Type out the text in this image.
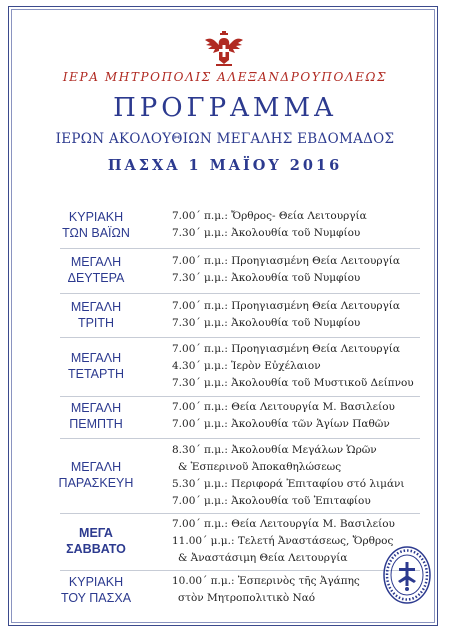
ΙΕΡΑ ΜΗΤΡΟΠΟΛΙΣ ΑΛΕΞΑΝΔΡΟΥΠΟΛΕΩΣ
ΠΡΟΓΡΑΜΜΑ
ΙΕΡΩΝ ΑΚΟΛΟΥΘΙΩΝ ΜΕΓΑΛΗΣ ΕΒΔΟΜΑΔΟΣ
ΠΑΣΧΑ 1 ΜΑΪΟΥ 2016
ΚΥΡΙΑΚΗ
ΤΩΝ ΒΑΪΩΝ
7.00΄ π.μ.: Ὄρθρος- Θεία Λειτουργία
7.30΄ μ.μ.: Ἀκολουθία τοῦ Νυμφίου
ΜΕΓΑΛΗ
ΔΕΥΤΕΡΑ
7.00΄ π.μ.: Προηγιασμένη Θεία Λειτουργία
7.30΄ μ.μ.: Ἀκολουθία τοῦ Νυμφίου
ΜΕΓΑΛΗ
ΤΡΙΤΗ
7.00΄ π.μ.: Προηγιασμένη Θεία Λειτουργία
7.30΄ μ.μ.: Ἀκολουθία τοῦ Νυμφίου
ΜΕΓΑΛΗ
ΤΕΤΑΡΤΗ
7.00΄ π.μ.: Προηγιασμένη Θεία Λειτουργία
4.30΄ μ.μ.: Ἱερὸν Εὐχέλαιον
7.30΄ μ.μ.: Ἀκολουθία τοῦ Μυστικοῦ Δείπνου
ΜΕΓΑΛΗ
ΠΕΜΠΤΗ
7.00΄ π.μ.: Θεία Λειτουργία Μ. Βασιλείου
7.00΄ μ.μ.: Ἀκολουθία τῶν Ἁγίων Παθῶν
ΜΕΓΑΛΗ
ΠΑΡΑΣΚΕΥΗ
8.30΄ π.μ.: Ἀκολουθία Μεγάλων Ὡρῶν
& Ἑσπερινοῦ Ἀποκαθηλώσεως
5.30΄ μ.μ.: Περιφορά Ἐπιταφίου στό λιμάνι
7.00΄ μ.μ.: Ἀκολουθία τοῦ Ἐπιταφίου
ΜΕΓΑ
ΣΑΒΒΑΤΟ
7.00΄ π.μ.: Θεία Λειτουργία Μ. Βασιλείου
11.00΄ μ.μ.: Τελετή Ἀναστάσεως, Ὄρθρος
& Ἀναστάσιμη Θεία Λειτουργία
ΚΥΡΙΑΚΗ
ΤΟΥ ΠΑΣΧΑ
10.00΄ π.μ.: Ἑσπερινὸς τῆς Ἀγάπης
στὸν Μητροπολιτικὸ Ναό
